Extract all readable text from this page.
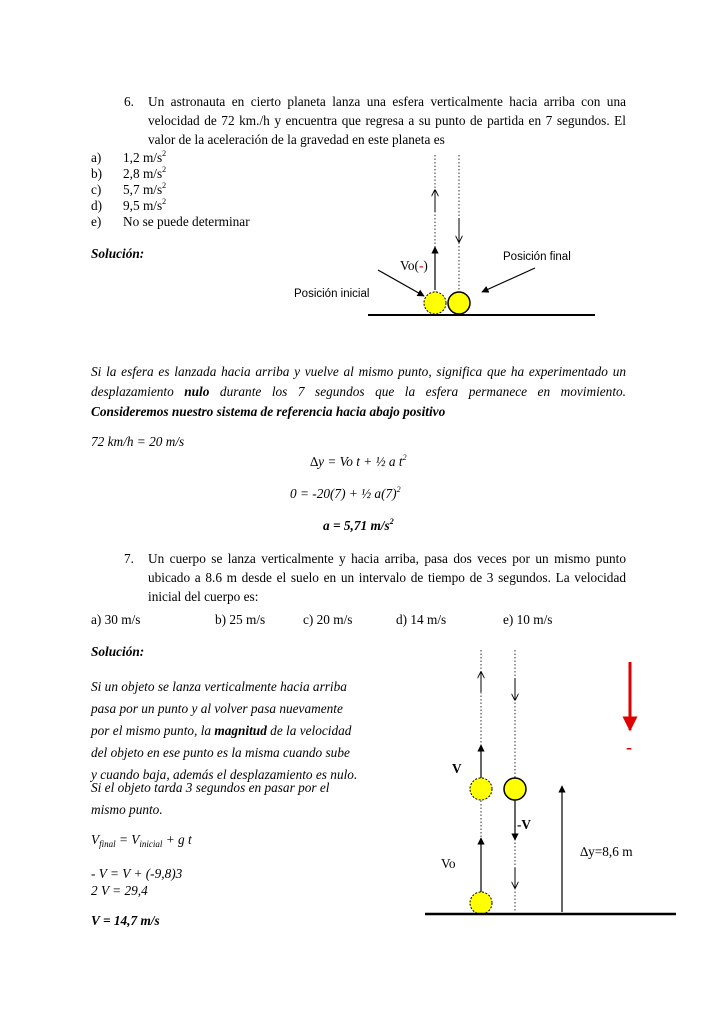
6. Un astronauta en cierto planeta lanza una esfera verticalmente hacia arriba con una velocidad de 72 km./h y encuentra que regresa a su punto de partida en 7 segundos. El valor de la aceleración de la gravedad en este planeta es
a) 1,2 $m/s^2$
b) 2,8 $m/s^2$
c) 5,7 $m/s^2$
d) 9,5 $m/s^2$
e) No se puede determinar
Solución:
Vo(-)
Posición final
Posición inicial
Si la esfera es lanzada hacia arriba y vuelve al mismo punto, significa que ha experimentado un desplazamiento nulo durante los 7 segundos que la esfera permanece en movimiento. Consideremos nuestro sistema de referencia hacia abajo positivo
72 km/h = 20 m/s
∆y = Vo t + ½ a $t^2$
0 = -20(7) + ½ $a(7)^2$
a = 5,71 $m/s^2$
7. Un cuerpo se lanza verticalmente y hacia arriba, pasa dos veces por un mismo punto ubicado a 8.6 m desde el suelo en un intervalo de tiempo de 3 segundos. La velocidad inicial del cuerpo es:
a) 30 m/s	b) 25 m/s	c) 20 m/s	d) 14 m/s	e) 10 m/s
Solución:
Si un objeto se lanza verticalmente hacia arriba
pasa por un punto y al volver pasa nuevamente
por el mismo punto, la magnitud de la velocidad
del objeto en ese punto es la misma cuando sube
y cuando baja, además el desplazamiento es nulo.
Si el objeto tarda 3 segundos en pasar por el
mismo punto.
$V_{final} = V_{inicial} + g$ t
- V = V + (-9,8)3
2 V = 29,4
V = 14,7 m/s
V
-V
Vo
∆y=8,6 m
-
